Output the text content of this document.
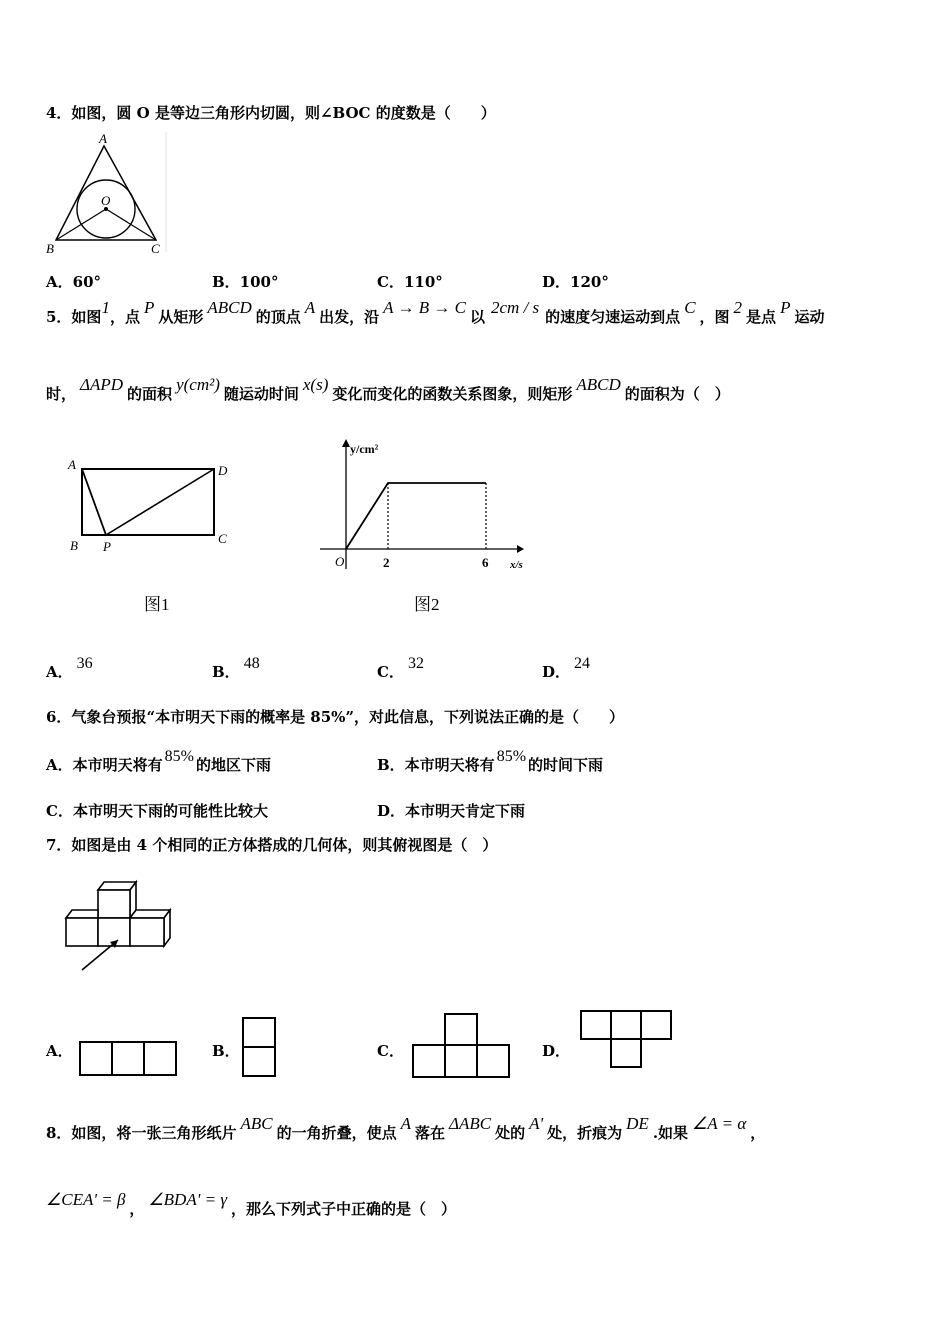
4．如图，圆 O 是等边三角形内切圆，则∠BOC 的度数是（　　）
A
B	C
O
A．60°	B．100°	C．110°	D．120°
5．如图1，点 P 从矩形 ABCD 的顶点 A 出发，沿 A → B → C 以 2cm / s 的速度匀速运动到点 C ，图 2 是点 P 运动
时， ΔAPD 的面积 y(cm²) 随运动时间 x(s) 变化而变化的函数关系图象，则矩形 ABCD 的面积为（　）
A	D
B P
C
图1
y/cm²
x/s
O	2	6
图2
A． 36	B． 48	C． 32	D． 24
6．气象台预报“本市明天下雨的概率是 85%”，对此信息，下列说法正确的是（　　）
A．本市明天将有 85% 的地区下雨	B．本市明天将有 85% 的时间下雨
C．本市明天下雨的可能性比较大	D．本市明天肯定下雨
7．如图是由 4 个相同的正方体搭成的几何体，则其俯视图是（　）
A．	B．	C．	D．
8．如图，将一张三角形纸片 ABC 的一角折叠，使点 A 落在 ΔABC 处的 A' 处，折痕为 DE .如果 ∠A = α ，
∠CEA' = β ， ∠BDA' = γ ，那么下列式子中正确的是（　）
